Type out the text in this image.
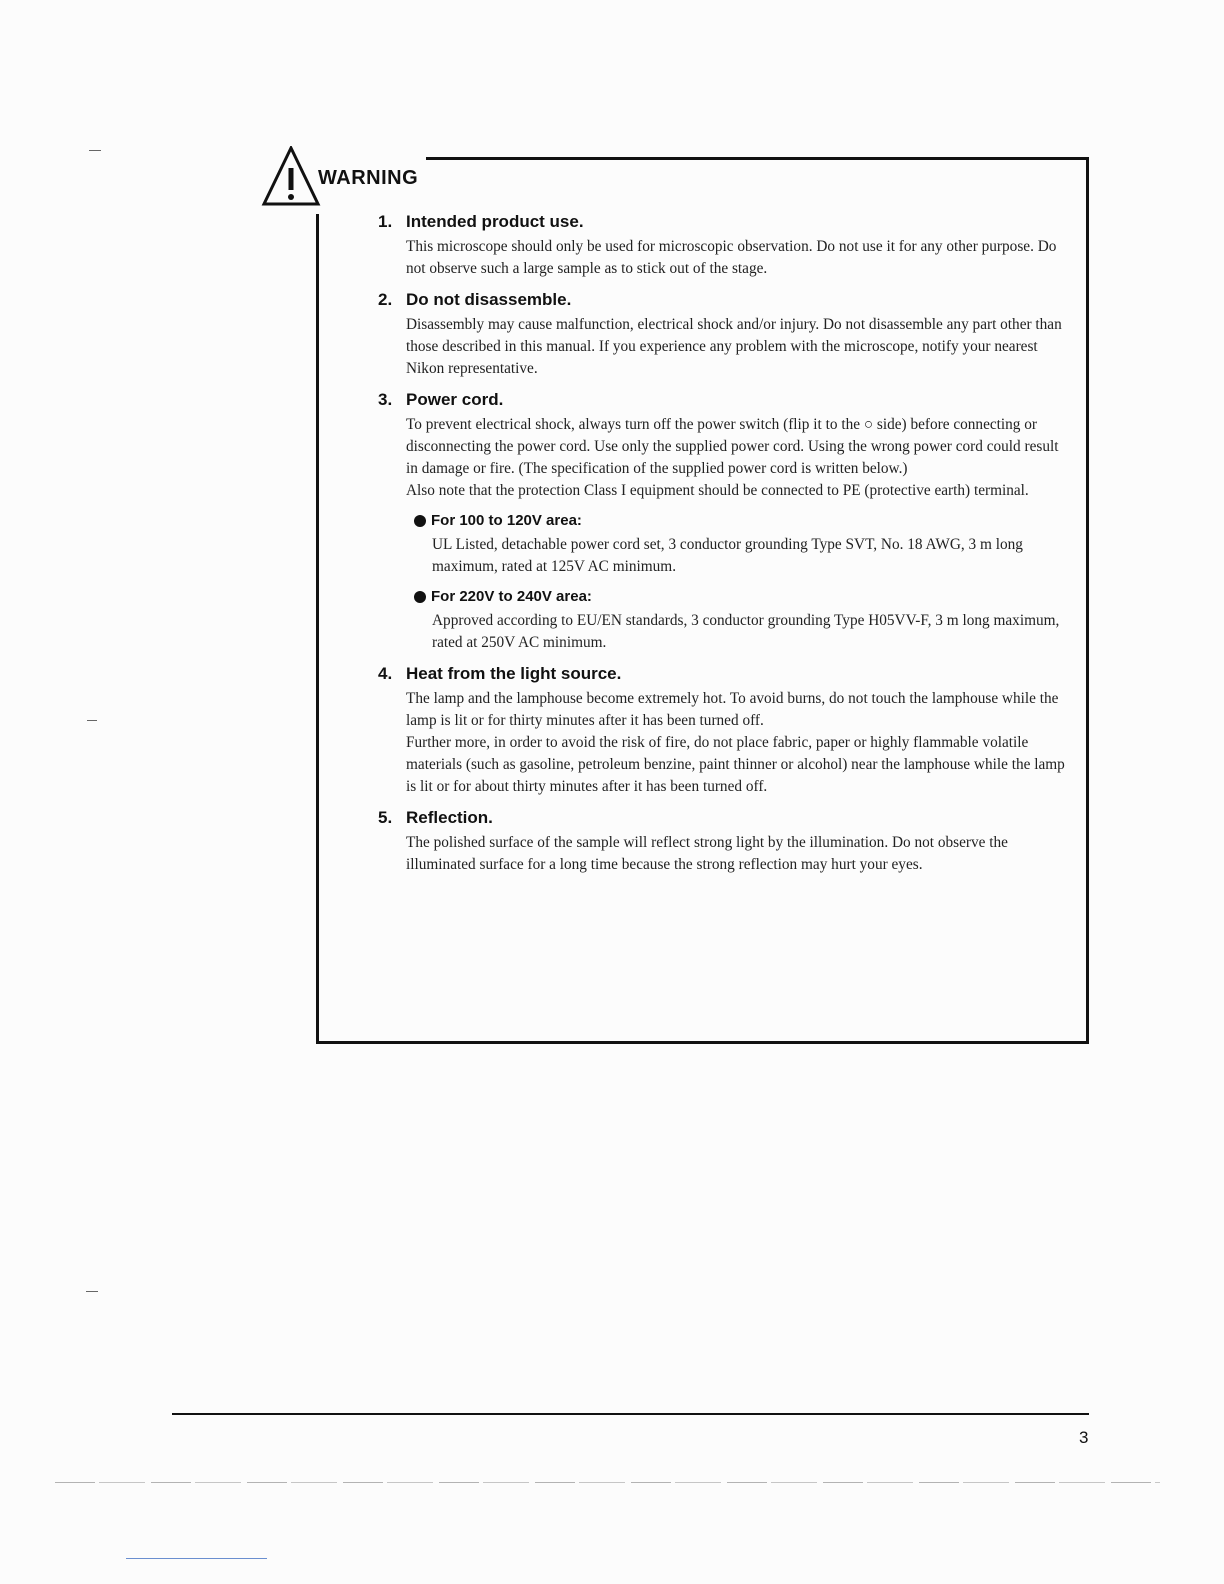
WARNING
1. Intended product use.

This microscope should only be used for microscopic observation. Do not use it for any other purpose. Do not observe such a large sample as to stick out of the stage.

2. Do not disassemble.

Disassembly may cause malfunction, electrical shock and/or injury. Do not disassemble any part other than those described in this manual. If you experience any problem with the microscope, notify your nearest Nikon representative.

3. Power cord.

To prevent electrical shock, always turn off the power switch (flip it to the ○ side) before connecting or disconnecting the power cord. Use only the supplied power cord. Using the wrong power cord could result in damage or fire. (The specification of the supplied power cord is written below.)

Also note that the protection Class I equipment should be connected to PE (protective earth) terminal.

For 100 to 120V area:
UL Listed, detachable power cord set, 3 conductor grounding Type SVT, No. 18 AWG, 3 m long maximum, rated at 125V AC minimum.
For 220V to 240V area:
Approved according to EU/EN standards, 3 conductor grounding Type H05VV-F, 3 m long maximum, rated at 250V AC minimum.
4. Heat from the light source.

The lamp and the lamphouse become extremely hot. To avoid burns, do not touch the lamphouse while the lamp is lit or for thirty minutes after it has been turned off.

Further more, in order to avoid the risk of fire, do not place fabric, paper or highly flammable volatile materials (such as gasoline, petroleum benzine, paint thinner or alcohol) near the lamphouse while the lamp is lit or for about thirty minutes after it has been turned off.

5. Reflection.

The polished surface of the sample will reflect strong light by the illumination. Do not observe the illuminated surface for a long time because the strong reflection may hurt your eyes.

3
